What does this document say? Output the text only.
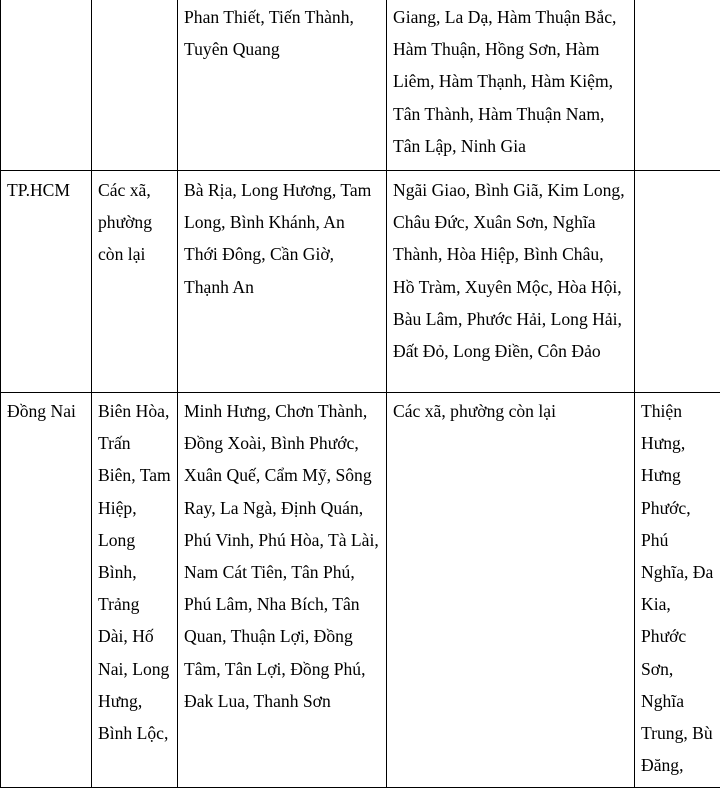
		Phan Thiết, Tiến Thành, Tuyên Quang	Giang, La Dạ, Hàm Thuận Bắc, Hàm Thuận, Hồng Sơn, Hàm Liêm, Hàm Thạnh, Hàm Kiệm, Tân Thành, Hàm Thuận Nam, Tân Lập, Ninh Gia	
TP.HCM	Các xã, phường còn lại	Bà Rịa, Long Hương, Tam Long, Bình Khánh, An Thới Đông, Cần Giờ, Thạnh An	Ngãi Giao, Bình Giã, Kim Long, Châu Đức, Xuân Sơn, Nghĩa Thành, Hòa Hiệp, Bình Châu, Hồ Tràm, Xuyên Mộc, Hòa Hội, Bàu Lâm, Phước Hải, Long Hải, Đất Đỏ, Long Điền, Côn Đảo	
Đồng Nai	Biên Hòa, Trấn Biên, Tam Hiệp, Long Bình, Trảng Dài, Hố Nai, Long Hưng, Bình Lộc,	Minh Hưng, Chơn Thành, Đồng Xoài, Bình Phước, Xuân Quế, Cẩm Mỹ, Sông Ray, La Ngà, Định Quán, Phú Vinh, Phú Hòa, Tà Lài, Nam Cát Tiên, Tân Phú, Phú Lâm, Nha Bích, Tân Quan, Thuận Lợi, Đồng Tâm, Tân Lợi, Đồng Phú, Đak Lua, Thanh Sơn	Các xã, phường còn lại	Thiện Hưng, Hưng Phước, Phú Nghĩa, Đa Kia, Phước Sơn, Nghĩa Trung, Bù Đăng,
